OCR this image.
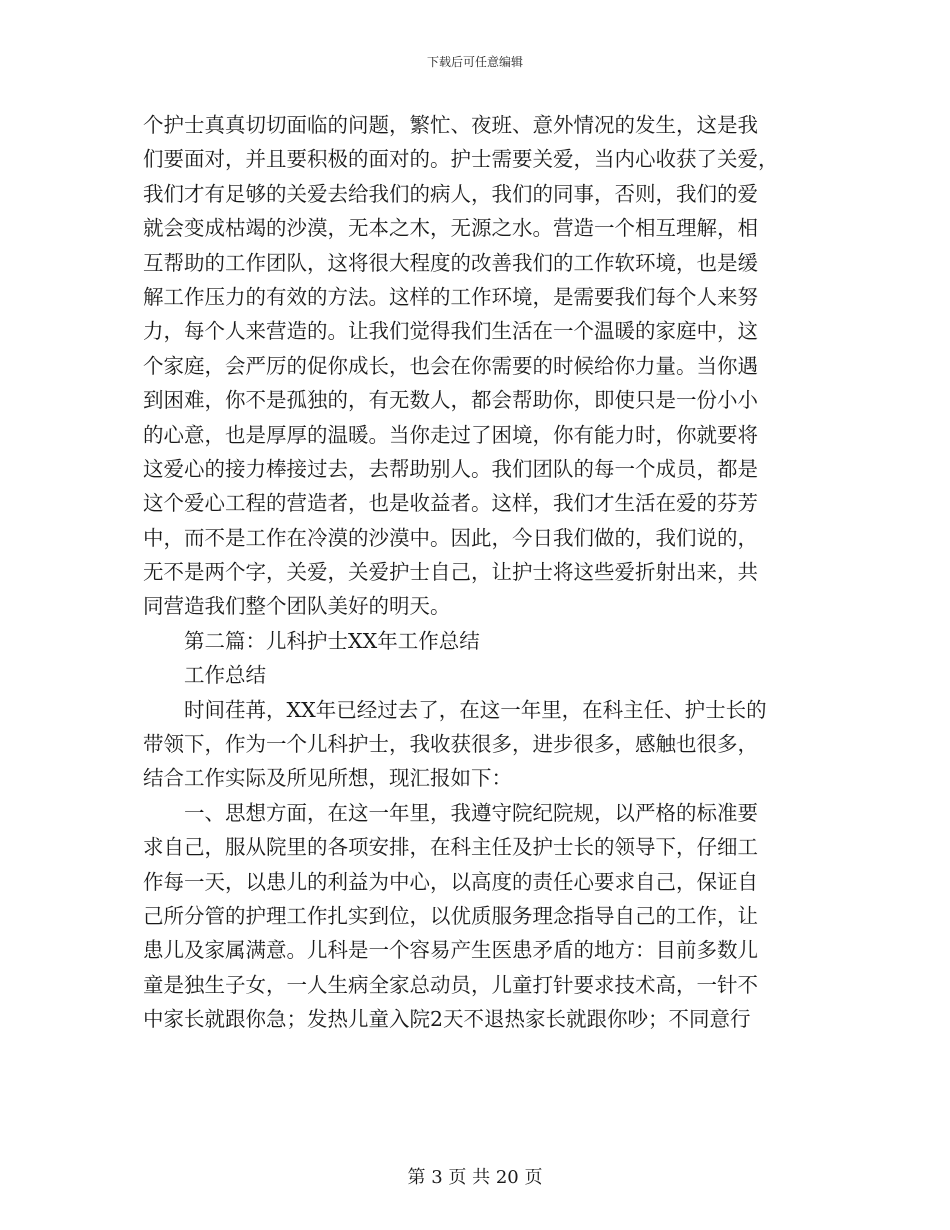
下载后可任意编辑
个护士真真切切面临的问题，繁忙、夜班、意外情况的发生，这是我
们要面对，并且要积极的面对的。护士需要关爱，当内心收获了关爱，
我们才有足够的关爱去给我们的病人，我们的同事，否则，我们的爱
就会变成枯竭的沙漠，无本之木，无源之水。营造一个相互理解，相
互帮助的工作团队，这将很大程度的改善我们的工作软环境，也是缓
解工作压力的有效的方法。这样的工作环境，是需要我们每个人来努
力，每个人来营造的。让我们觉得我们生活在一个温暖的家庭中，这
个家庭，会严厉的促你成长，也会在你需要的时候给你力量。当你遇
到困难，你不是孤独的，有无数人，都会帮助你，即使只是一份小小
的心意，也是厚厚的温暖。当你走过了困境，你有能力时，你就要将
这爱心的接力棒接过去，去帮助别人。我们团队的每一个成员，都是
这个爱心工程的营造者，也是收益者。这样，我们才生活在爱的芬芳
中，而不是工作在冷漠的沙漠中。因此，今日我们做的，我们说的，
无不是两个字，关爱，关爱护士自己，让护士将这些爱折射出来，共
同营造我们整个团队美好的明天。
第二篇：儿科护士XX年工作总结
工作总结
时间荏苒，XX年已经过去了，在这一年里，在科主任、护士长的
带领下，作为一个儿科护士，我收获很多，进步很多，感触也很多，
结合工作实际及所见所想，现汇报如下：
一、思想方面，在这一年里，我遵守院纪院规，以严格的标准要
求自己，服从院里的各项安排，在科主任及护士长的领导下，仔细工
作每一天，以患儿的利益为中心，以高度的责任心要求自己，保证自
己所分管的护理工作扎实到位，以优质服务理念指导自己的工作，让
患儿及家属满意。儿科是一个容易产生医患矛盾的地方：目前多数儿
童是独生子女，一人生病全家总动员，儿童打针要求技术高，一针不
中家长就跟你急；发热儿童入院2天不退热家长就跟你吵；不同意行
第 3 页 共 20 页
